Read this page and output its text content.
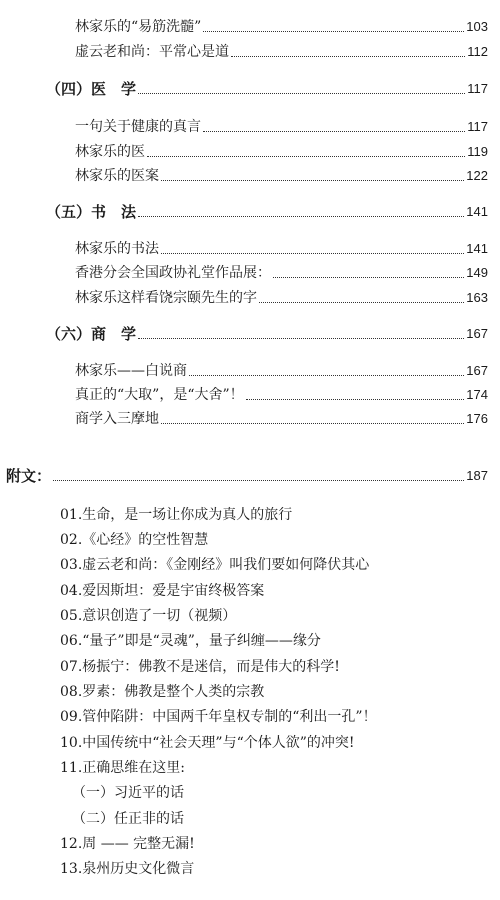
林家乐的“易筋洗髓”	103
虚云老和尚：平常心是道	112
（四）医　学	117
一句关于健康的真言	117
林家乐的医	119
林家乐的医案	122
（五）书　法	141
林家乐的书法	141
香港分会全国政协礼堂作品展：	149
林家乐这样看饶宗颐先生的字	163
（六）商　学	167
林家乐——白说商	167
真正的“大取”，是“大舍”！	174
商学入三摩地	176
附文：	187
01.生命，是一场让你成为真人的旅行
02.《心经》的空性智慧
03.虚云老和尚：《金刚经》叫我们要如何降伏其心
04.爱因斯坦：爱是宇宙终极答案
05.意识创造了一切（视频）
06.“量子”即是“灵魂”，量子纠缠——缘分
07.杨振宁：佛教不是迷信，而是伟大的科学!
08.罗素：佛教是整个人类的宗教
09.管仲陷阱：中国两千年皇权专制的“利出一孔”！
10.中国传统中“社会天理”与“个体人欲”的冲突!
11.正确思维在这里:
（一）习近平的话
（二）任正非的话
12.周 —— 完整无漏!
13.泉州历史文化微言
